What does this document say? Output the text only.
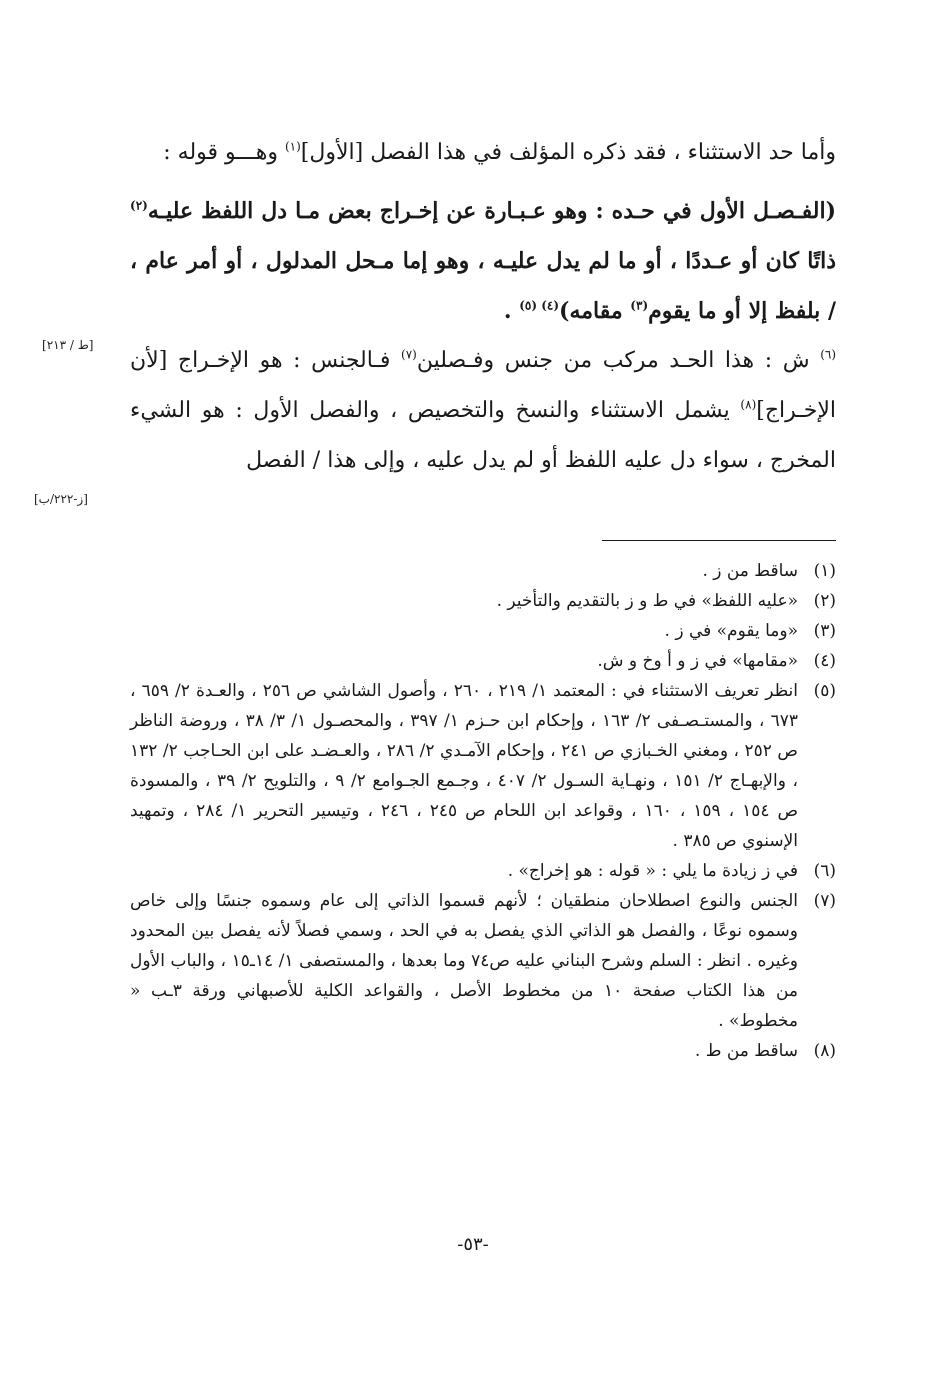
وأما حد الاستثناء ، فقد ذكره المؤلف في هذا الفصل [الأول]$^{(١)}$ وهـــو قوله :

(الفـصـل الأول في حـده : وهو عـبـارة عن إخـراج بعض مـا دل اللفظ عليـه$^{(٢)}$ ذاتًا كان أو عـددًا ، أو ما لم يدل عليـه ، وهو إما مـحل المدلول ، أو أمر عام ، / بلفظ إلا أو ما يقوم$^{(٣)}$ مقامه)$^{(٤) (٥)}$ .

$^{(٦)}$ ش : هذا الحـد مركب من جنس وفـصلين$^{(٧)}$ فـالجنس : هو الإخـراج [لأن الإخـراج]$^{(٨)}$ يشمل الاستثناء والنسخ والتخصيص ، والفصل الأول : هو الشيء المخرج ، سواء دل عليه اللفظ أو لم يدل عليه ، وإلى هذا / الفصل

[ط / ٢١٣]
[ز-٢٢٢/ب]
(١)
ساقط من ز .
(٢)
«عليه اللفظ» في ط و ز بالتقديم والتأخير .
(٣)
«وما يقوم» في ز .
(٤)
«مقامها» في ز و أ وخ و ش.
(٥)
انظر تعريف الاستثناء في : المعتمد ١/ ٢١٩ ، ٢٦٠ ، وأصول الشاشي ص ٢٥٦ ، والعـدة ٢/ ٦٥٩ ، ٦٧٣ ، والمستـصـفى ٢/ ١٦٣ ، وإحكام ابن حـزم ١/ ٣٩٧ ، والمحصـول ١/ ٣/ ٣٨ ، وروضة الناظر ص ٢٥٢ ، ومغني الخـبازي ص ٢٤١ ، وإحكام الآمـدي ٢/ ٢٨٦ ، والعـضـد على ابن الحـاجب ٢/ ١٣٢ ، والإبهـاج ٢/ ١٥١ ، ونهـاية السـول ٢/ ٤٠٧ ، وجـمع الجـوامع ٢/ ٩ ، والتلويح ٢/ ٣٩ ، والمسودة ص ١٥٤ ، ١٥٩ ، ١٦٠ ، وقواعد ابن اللحام ص ٢٤٥ ، ٢٤٦ ، وتيسير التحرير ١/ ٢٨٤ ، وتمهيد الإسنوي ص ٣٨٥ .
(٦)
في ز زيادة ما يلي : « قوله : هو إخراج» .
(٧)
الجنس والنوع اصطلاحان منطقيان ؛ لأنهم قسموا الذاتي إلى عام وسموه جنسًا وإلى خاص وسموه نوعًا ، والفصل هو الذاتي الذي يفصل به في الحد ، وسمي فصلاً لأنه يفصل بين المحدود وغيره . انظر : السلم وشرح البناني عليه ص٧٤ وما بعدها ، والمستصفى ١/ ١٤ـ١٥ ، والباب الأول من هذا الكتاب صفحة ١٠ من مخطوط الأصل ، والقواعد الكلية للأصبهاني ورقة ٣ـب « مخطوط» .
(٨)
ساقط من ط .
-٥٣-
